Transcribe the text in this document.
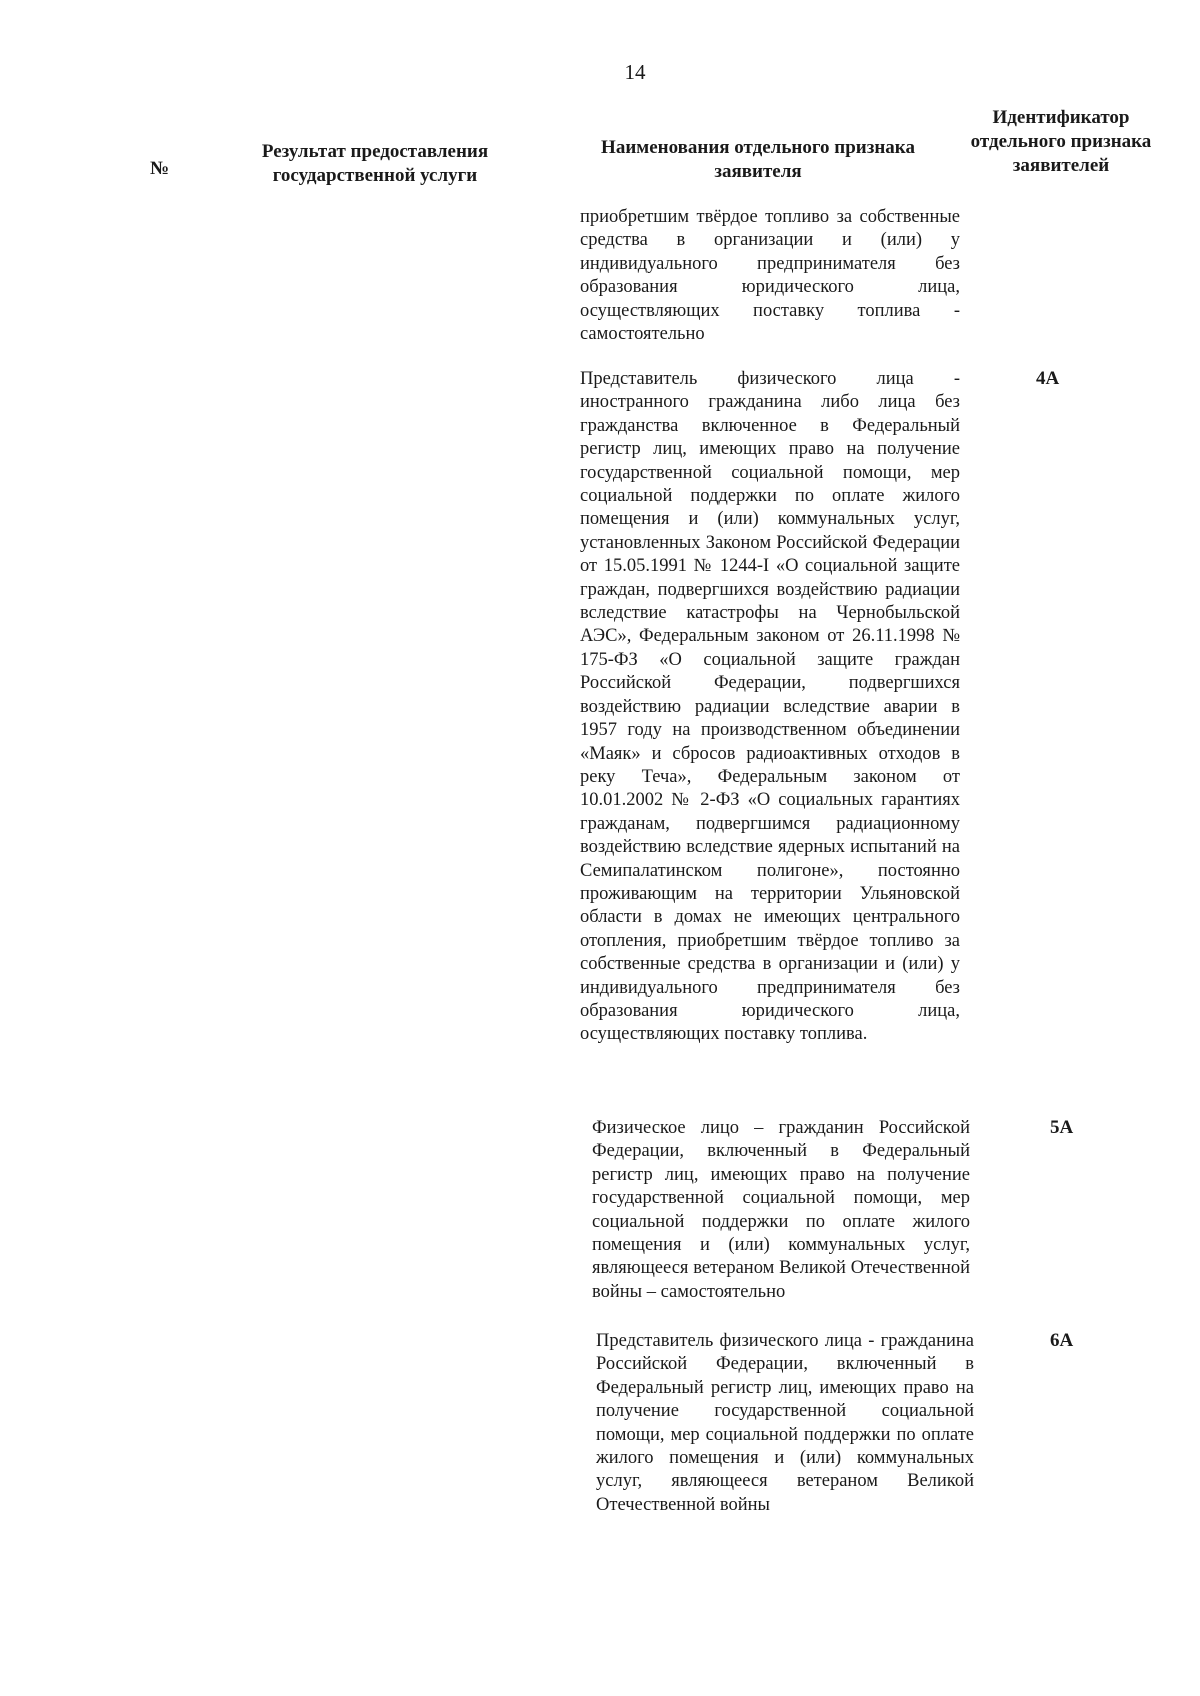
14
№
Результат предоставления государственной услуги
Наименования отдельного признака заявителя
Идентификатор отдельного признака заявителей
приобретшим твёрдое топливо за собственные средства в организации и (или) у индивидуального предпринимателя без образования юридического лица, осуществляющих поставку топлива - самостоятельно
Представитель физического лица - иностранного гражданина либо лица без гражданства включенное в Федеральный регистр лиц, имеющих право на получение государственной социальной помощи, мер социальной поддержки по оплате жилого помещения и (или) коммунальных услуг, установленных Законом Российской Федерации от 15.05.1991 № 1244-I «О социальной защите граждан, подвергшихся воздействию радиации вследствие катастрофы на Чернобыльской АЭС», Федеральным законом от 26.11.1998 № 175-ФЗ «О социальной защите граждан Российской Федерации, подвергшихся воздействию радиации вследствие аварии в 1957 году на производственном объединении «Маяк» и сбросов радиоактивных отходов в реку Теча», Федеральным законом от 10.01.2002 № 2-ФЗ «О социальных гарантиях гражданам, подвергшимся радиационному воздействию вследствие ядерных испытаний на Семипалатинском полигоне», постоянно проживающим на территории Ульяновской области в домах не имеющих центрального отопления, приобретшим твёрдое топливо за собственные средства в организации и (или) у индивидуального предпринимателя без образования юридического лица, осуществляющих поставку топлива.
4А
Физическое лицо – гражданин Российской Федерации, включенный в Федеральный регистр лиц, имеющих право на получение государственной социальной помощи, мер социальной поддержки по оплате жилого помещения и (или) коммунальных услуг, являющееся ветераном Великой Отечественной войны – самостоятельно
5А
Представитель физического лица - гражданина Российской Федерации, включенный в Федеральный регистр лиц, имеющих право на получение государственной социальной помощи, мер социальной поддержки по оплате жилого помещения и (или) коммунальных услуг, являющееся ветераном Великой Отечественной войны
6А
